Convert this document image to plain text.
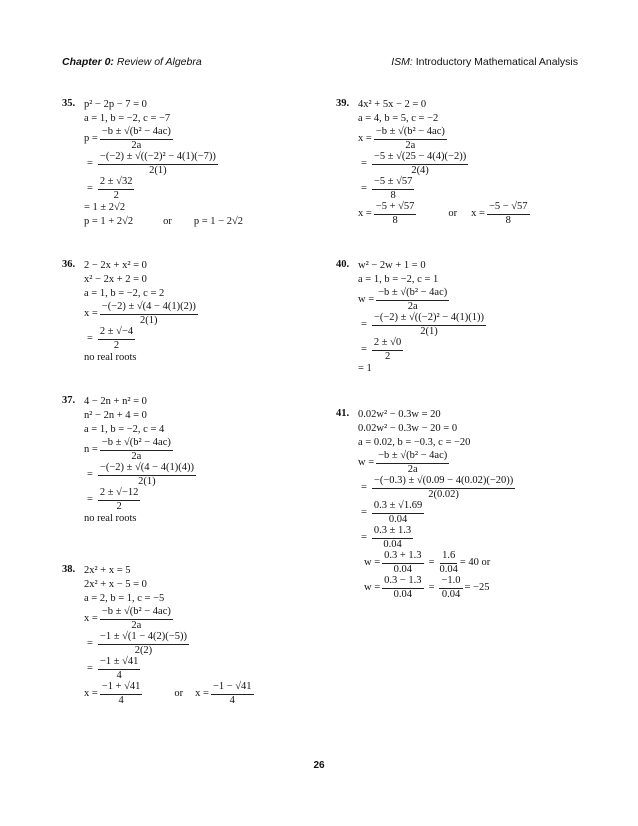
Chapter 0: Review of Algebra	ISM: Introductory Mathematical Analysis
35. p² − 2p − 7 = 0
a = 1, b = −2, c = −7
$p = \frac{\text{−b ± √(b² − 4ac)}}{2a}$
= $\frac{\text{−(−2) ± √((−2)² − 4(1)(−7))}}{2(1)}$
= $\frac{2 \pm √32}{2}$
= 1 ± 2√2
p = 1 + 2√2	or p = 1 − 2√2
36. 2 − 2x + x² = 0
x² − 2x + 2 = 0
a = 1, b = −2, c = 2
$x = \frac{-(-2) \pm √(4 - 4(1)(2))}{2(1)}$
= $\frac{2 \pm √-4}{2}$
no real roots
37. 4 − 2n + n² = 0
n² − 2n + 4 = 0
a = 1, b = −2, c = 4
$n = \frac{\text{−b ± √(b² − 4ac)}}{2a}$
= $\frac{-(-2) \pm √(4 - 4(1)(4))}{2(1)}$
= $\frac{2 \pm √-12}{2}$
no real roots
38. 2x² + x = 5
2x² + x − 5 = 0
a = 2, b = 1, c = −5
$x = \frac{\text{−b ± √(b² − 4ac)}}{2a}$
= $\frac{-1 \pm √(1 - 4(2)(-5))}{2(2)}$
= $\frac{-1 \pm √41}{4}$
$x = \frac{-1 + √41}{4}$	or $x = \frac{-1 - √41}{4}$
39. 4x² + 5x − 2 = 0
a = 4, b = 5, c = −2
$x = \frac{\text{−b ± √(b² − 4ac)}}{2a}$
= $\frac{-5 \pm √(25 - 4(4)(-2))}{2(4)}$
= $\frac{-5 \pm √57}{8}$
$x = \frac{-5 + √57}{8}$	or $x = \frac{-5 - √57}{8}$
40. w² − 2w + 1 = 0
a = 1, b = −2, c = 1
$w = \frac{\text{−b ± √(b² − 4ac)}}{2a}$
= $\frac{\text{−(−2) ± √((−2)² − 4(1)(1))}}{2(1)}$
= $\frac{2 \pm √0}{2}$
= 1
41. 0.02w² − 0.3w = 20
0.02w² − 0.3w − 20 = 0
a = 0.02, b = −0.3, c = −20
$w = \frac{\text{−b ± √(b² − 4ac)}}{2a}$
= $\frac{-(-0.3) \pm √(0.09 - 4(0.02)(-20))}{2(0.02)}$
= $\frac{0.3 \pm √1.69}{0.04}$
= $\frac{0.3 \pm 1.3}{0.04}$
$w = \frac{0.3 + 1.3}{0.04} = \frac{1.6}{0.04} = 40$ or
$w = \frac{0.3 - 1.3}{0.04} = \frac{-1.0}{0.04} = -25$
26
